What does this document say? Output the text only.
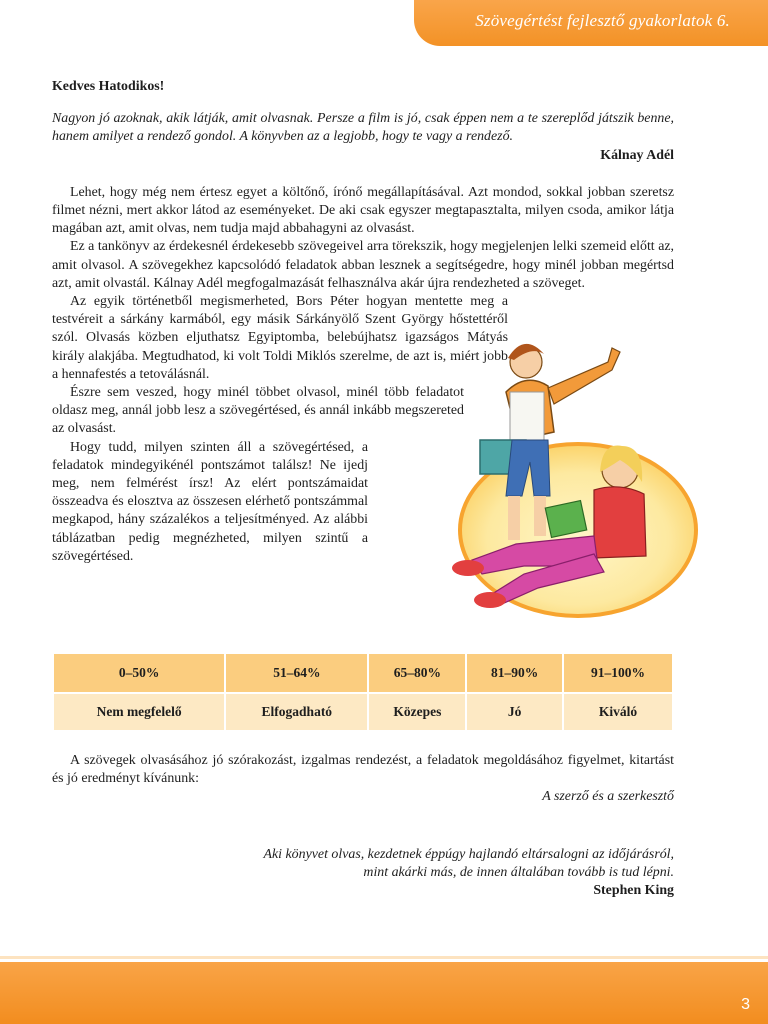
Szövegértést fejlesztő gyakorlatok 6.

Kedves Hatodikos!

Nagyon jó azoknak, akik látják, amit olvasnak. Persze a film is jó, csak éppen nem a te szereplőd játszik benne, hanem amilyet a rendező gondol. A könyvben az a legjobb, hogy te vagy a rendező.

Kálnay Adél

Lehet, hogy még nem értesz egyet a költőnő, írónő megállapításával. Azt mondod, sokkal jobban szeretsz filmet nézni, mert akkor látod az eseményeket. De aki csak egyszer megtapasztalta, milyen csoda, amikor látja magában azt, amit olvas, nem tudja majd abbahagyni az olvasást.

Ez a tankönyv az érdekesnél érdekesebb szövegeivel arra törekszik, hogy megjelenjen lelki szemeid előtt az, amit olvasol. A szövegekhez kapcsolódó feladatok abban lesznek a segítségedre, hogy minél jobban megértsd azt, amit olvastál. Kálnay Adél megfogalmazását felhasználva akár újra rendezheted a szöveget.

Az egyik történetből megismerheted, Bors Péter hogyan mentette meg a testvéreit a sárkány karmából, egy másik Sárkányölő Szent György hőstettéről szól. Olvasás közben eljuthatsz Egyiptomba, belebújhatsz igazságos Mátyás király alakjába. Megtudhatod, ki volt Toldi Miklós szerelme, de azt is, miért jobb a hennafestés a tetoválásnál.

Észre sem veszed, hogy minél többet olvasol, minél több feladatot oldasz meg, annál jobb lesz a szövegértésed, és annál inkább megszereted az olvasást.

Hogy tudd, milyen szinten áll a szövegértésed, a feladatok mindegyikénél pontszámot találsz! Ne ijedj meg, nem felmérést írsz! Az elért pontszámaidat összeadva és elosztva az összesen elérhető pontszámmal megkapod, hány százalékos a teljesítményed. Az alábbi táblázatban pedig megnézheted, milyen szintű a szövegértésed.

0–50%	51–64%	65–80%	81–90%	91–100%
Nem megfelelő	Elfogadható	Közepes	Jó	Kiváló

A szövegek olvasásához jó szórakozást, izgalmas rendezést, a feladatok megoldásához figyelmet, kitartást és jó eredményt kívánunk:

A szerző és a szerkesztő

Aki könyvet olvas, kezdetnek éppúgy hajlandó eltársalogni az időjárásról,

mint akárki más, de innen általában tovább is tud lépni.

Stephen King

3
